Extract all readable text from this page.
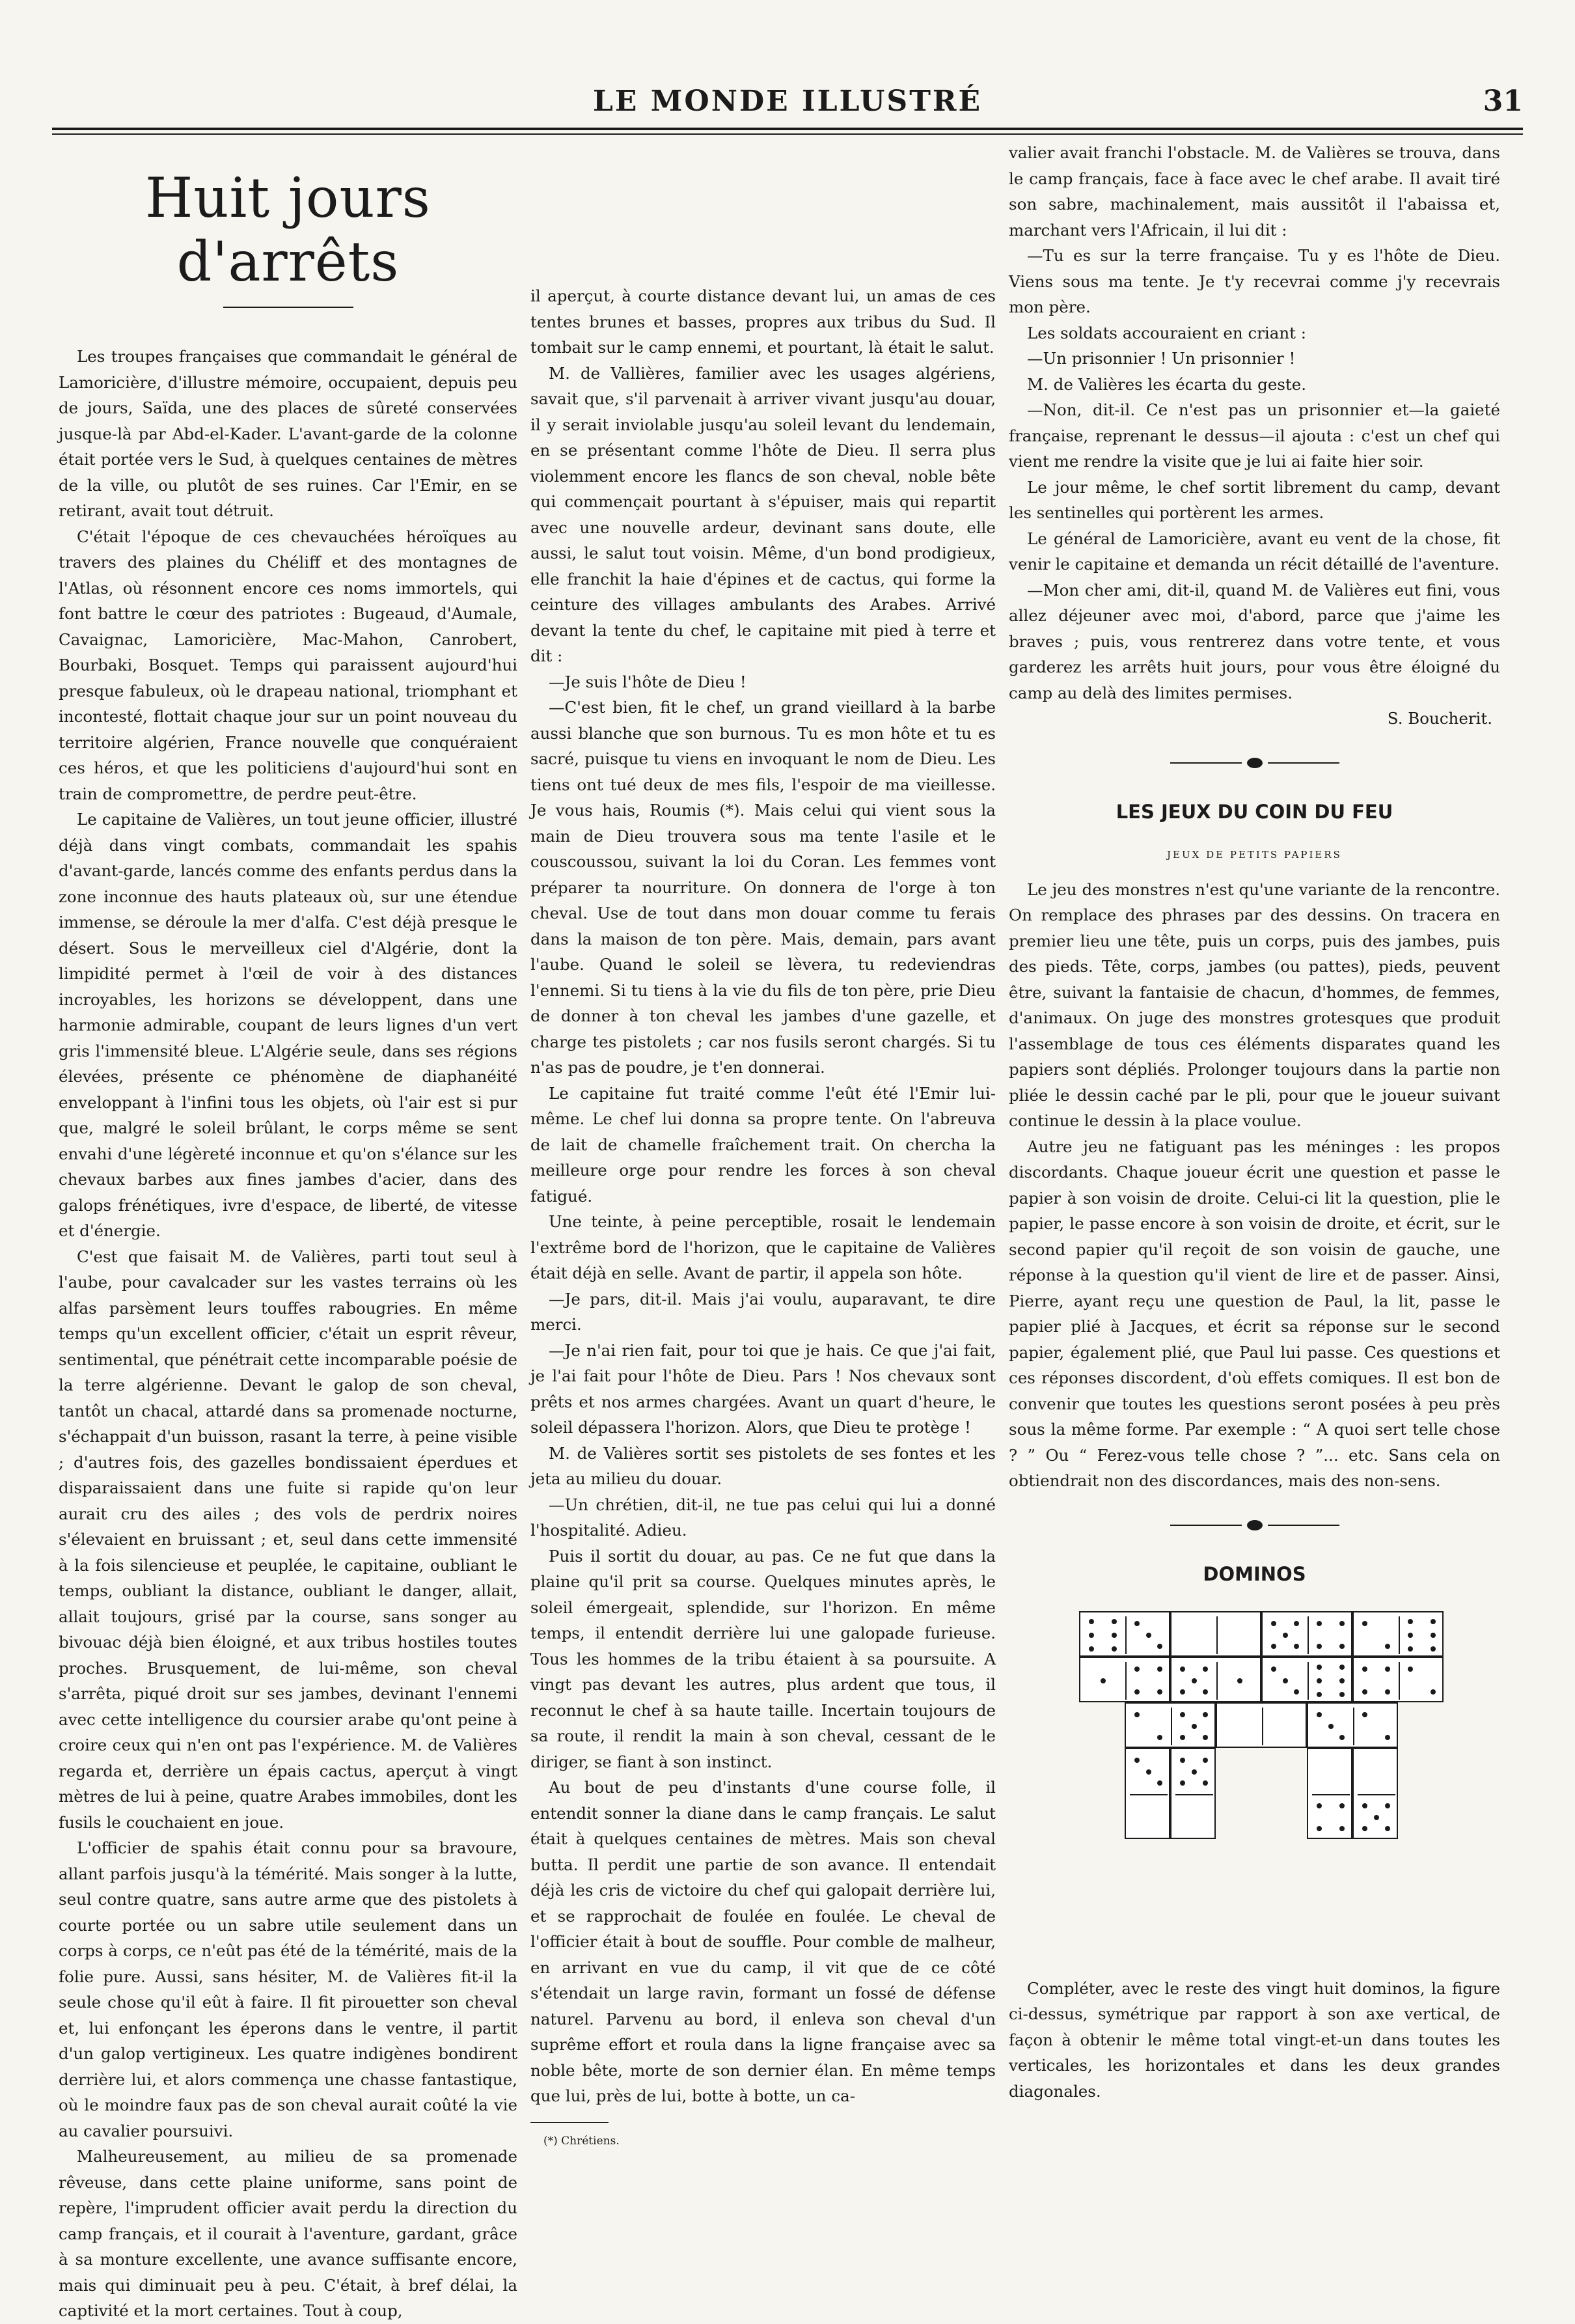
LE MONDE ILLUSTRÉ	31
Huit jours d'arrêts

Les troupes françaises que commandait le général de Lamoricière, d'illustre mémoire, occupaient, depuis peu de jours, Saïda, une des places de sûreté conservées jusque-là par Abd-el-Kader. L'avant-garde de la colonne était portée vers le Sud, à quelques centaines de mètres de la ville, ou plutôt de ses ruines. Car l'Emir, en se retirant, avait tout détruit.

C'était l'époque de ces chevauchées héroïques au travers des plaines du Chéliff et des montagnes de l'Atlas, où résonnent encore ces noms immortels, qui font battre le cœur des patriotes : Bugeaud, d'Aumale, Cavaignac, Lamoricière, Mac-Mahon, Canrobert, Bourbaki, Bosquet. Temps qui paraissent aujourd'hui presque fabuleux, où le drapeau national, triomphant et incontesté, flottait chaque jour sur un point nouveau du territoire algérien, France nouvelle que conquéraient ces héros, et que les politiciens d'aujourd'hui sont en train de compromettre, de perdre peut-être.

Le capitaine de Valières, un tout jeune officier, illustré déjà dans vingt combats, commandait les spahis d'avant-garde, lancés comme des enfants perdus dans la zone inconnue des hauts plateaux où, sur une étendue immense, se déroule la mer d'alfa. C'est déjà presque le désert. Sous le merveilleux ciel d'Algérie, dont la limpidité permet à l'œil de voir à des distances incroyables, les horizons se développent, dans une harmonie admirable, coupant de leurs lignes d'un vert gris l'immensité bleue. L'Algérie seule, dans ses régions élevées, présente ce phénomène de diaphanéité enveloppant à l'infini tous les objets, où l'air est si pur que, malgré le soleil brûlant, le corps même se sent envahi d'une légèreté inconnue et qu'on s'élance sur les chevaux barbes aux fines jambes d'acier, dans des galops frénétiques, ivre d'espace, de liberté, de vitesse et d'énergie.

C'est que faisait M. de Valières, parti tout seul à l'aube, pour cavalcader sur les vastes terrains où les alfas parsèment leurs touffes rabougries. En même temps qu'un excellent officier, c'était un esprit rêveur, sentimental, que pénétrait cette incomparable poésie de la terre algérienne. Devant le galop de son cheval, tantôt un chacal, attardé dans sa promenade nocturne, s'échappait d'un buisson, rasant la terre, à peine visible ; d'autres fois, des gazelles bondissaient éperdues et disparaissaient dans une fuite si rapide qu'on leur aurait cru des ailes ; des vols de perdrix noires s'élevaient en bruissant ; et, seul dans cette immensité à la fois silencieuse et peuplée, le capitaine, oubliant le temps, oubliant la distance, oubliant le danger, allait, allait toujours, grisé par la course, sans songer au bivouac déjà bien éloigné, et aux tribus hostiles toutes proches. Brusquement, de lui-même, son cheval s'arrêta, piqué droit sur ses jambes, devinant l'ennemi avec cette intelligence du coursier arabe qu'ont peine à croire ceux qui n'en ont pas l'expérience. M. de Valières regarda et, derrière un épais cactus, aperçut à vingt mètres de lui à peine, quatre Arabes immobiles, dont les fusils le couchaient en joue.

L'officier de spahis était connu pour sa bravoure, allant parfois jusqu'à la témérité. Mais songer à la lutte, seul contre quatre, sans autre arme que des pistolets à courte portée ou un sabre utile seulement dans un corps à corps, ce n'eût pas été de la témérité, mais de la folie pure. Aussi, sans hésiter, M. de Valières fit-il la seule chose qu'il eût à faire. Il fit pirouetter son cheval et, lui enfonçant les éperons dans le ventre, il partit d'un galop vertigineux. Les quatre indigènes bondirent derrière lui, et alors commença une chasse fantastique, où le moindre faux pas de son cheval aurait coûté la vie au cavalier poursuivi.

Malheureusement, au milieu de sa promenade rêveuse, dans cette plaine uniforme, sans point de repère, l'imprudent officier avait perdu la direction du camp français, et il courait à l'aventure, gardant, grâce à sa monture excellente, une avance suffisante encore, mais qui diminuait peu à peu. C'était, à bref délai, la captivité et la mort certaines. Tout à coup,

il aperçut, à courte distance devant lui, un amas de ces tentes brunes et basses, propres aux tribus du Sud. Il tombait sur le camp ennemi, et pourtant, là était le salut.

M. de Vallières, familier avec les usages algériens, savait que, s'il parvenait à arriver vivant jusqu'au douar, il y serait inviolable jusqu'au soleil levant du lendemain, en se présentant comme l'hôte de Dieu. Il serra plus violemment encore les flancs de son cheval, noble bête qui commençait pourtant à s'épuiser, mais qui repartit avec une nouvelle ardeur, devinant sans doute, elle aussi, le salut tout voisin. Même, d'un bond prodigieux, elle franchit la haie d'épines et de cactus, qui forme la ceinture des villages ambulants des Arabes. Arrivé devant la tente du chef, le capitaine mit pied à terre et dit :

—Je suis l'hôte de Dieu !

—C'est bien, fit le chef, un grand vieillard à la barbe aussi blanche que son burnous. Tu es mon hôte et tu es sacré, puisque tu viens en invoquant le nom de Dieu. Les tiens ont tué deux de mes fils, l'espoir de ma vieillesse. Je vous hais, Roumis (*). Mais celui qui vient sous la main de Dieu trouvera sous ma tente l'asile et le couscoussou, suivant la loi du Coran. Les femmes vont préparer ta nourriture. On donnera de l'orge à ton cheval. Use de tout dans mon douar comme tu ferais dans la maison de ton père. Mais, demain, pars avant l'aube. Quand le soleil se lèvera, tu redeviendras l'ennemi. Si tu tiens à la vie du fils de ton père, prie Dieu de donner à ton cheval les jambes d'une gazelle, et charge tes pistolets ; car nos fusils seront chargés. Si tu n'as pas de poudre, je t'en donnerai.

Le capitaine fut traité comme l'eût été l'Emir lui-même. Le chef lui donna sa propre tente. On l'abreuva de lait de chamelle fraîchement trait. On chercha la meilleure orge pour rendre les forces à son cheval fatigué.

Une teinte, à peine perceptible, rosait le lendemain l'extrême bord de l'horizon, que le capitaine de Valières était déjà en selle. Avant de partir, il appela son hôte.

—Je pars, dit-il. Mais j'ai voulu, auparavant, te dire merci.

—Je n'ai rien fait, pour toi que je hais. Ce que j'ai fait, je l'ai fait pour l'hôte de Dieu. Pars ! Nos chevaux sont prêts et nos armes chargées. Avant un quart d'heure, le soleil dépassera l'horizon. Alors, que Dieu te protège !

M. de Valières sortit ses pistolets de ses fontes et les jeta au milieu du douar.

—Un chrétien, dit-il, ne tue pas celui qui lui a donné l'hospitalité. Adieu.

Puis il sortit du douar, au pas. Ce ne fut que dans la plaine qu'il prit sa course. Quelques minutes après, le soleil émergeait, splendide, sur l'horizon. En même temps, il entendit derrière lui une galopade furieuse. Tous les hommes de la tribu étaient à sa poursuite. A vingt pas devant les autres, plus ardent que tous, il reconnut le chef à sa haute taille. Incertain toujours de sa route, il rendit la main à son cheval, cessant de le diriger, se fiant à son instinct.

Au bout de peu d'instants d'une course folle, il entendit sonner la diane dans le camp français. Le salut était à quelques centaines de mètres. Mais son cheval butta. Il perdit une partie de son avance. Il entendait déjà les cris de victoire du chef qui galopait derrière lui, et se rapprochait de foulée en foulée. Le cheval de l'officier était à bout de souffle. Pour comble de malheur, en arrivant en vue du camp, il vit que de ce côté s'étendait un large ravin, formant un fossé de défense naturel. Parvenu au bord, il enleva son cheval d'un suprême effort et roula dans la ligne française avec sa noble bête, morte de son dernier élan. En même temps que lui, près de lui, botte à botte, un ca-

(*) Chrétiens.

valier avait franchi l'obstacle. M. de Valières se trouva, dans le camp français, face à face avec le chef arabe. Il avait tiré son sabre, machinalement, mais aussitôt il l'abaissa et, marchant vers l'Africain, il lui dit :

—Tu es sur la terre française. Tu y es l'hôte de Dieu. Viens sous ma tente. Je t'y recevrai comme j'y recevrais mon père.

Les soldats accouraient en criant :

—Un prisonnier ! Un prisonnier !

M. de Valières les écarta du geste.

—Non, dit-il. Ce n'est pas un prisonnier et—la gaieté française, reprenant le dessus—il ajouta : c'est un chef qui vient me rendre la visite que je lui ai faite hier soir.

Le jour même, le chef sortit librement du camp, devant les sentinelles qui portèrent les armes.

Le général de Lamoricière, avant eu vent de la chose, fit venir le capitaine et demanda un récit détaillé de l'aventure.

—Mon cher ami, dit-il, quand M. de Valières eut fini, vous allez déjeuner avec moi, d'abord, parce que j'aime les braves ; puis, vous rentrerez dans votre tente, et vous garderez les arrêts huit jours, pour vous être éloigné du camp au delà des limites permises.

S. Boucherit.

LES JEUX DU COIN DU FEU
JEUX DE PETITS PAPIERS

Le jeu des monstres n'est qu'une variante de la rencontre. On remplace des phrases par des dessins. On tracera en premier lieu une tête, puis un corps, puis des jambes, puis des pieds. Tête, corps, jambes (ou pattes), pieds, peuvent être, suivant la fantaisie de chacun, d'hommes, de femmes, d'animaux. On juge des monstres grotesques que produit l'assemblage de tous ces éléments disparates quand les papiers sont dépliés. Prolonger toujours dans la partie non pliée le dessin caché par le pli, pour que le joueur suivant continue le dessin à la place voulue.

Autre jeu ne fatiguant pas les méninges : les propos discordants. Chaque joueur écrit une question et passe le papier à son voisin de droite. Celui-ci lit la question, plie le papier, le passe encore à son voisin de droite, et écrit, sur le second papier qu'il reçoit de son voisin de gauche, une réponse à la question qu'il vient de lire et de passer. Ainsi, Pierre, ayant reçu une question de Paul, la lit, passe le papier plié à Jacques, et écrit sa réponse sur le second papier, également plié, que Paul lui passe. Ces questions et ces réponses discordent, d'où effets comiques. Il est bon de convenir que toutes les questions seront posées à peu près sous la même forme. Par exemple : “ A quoi sert telle chose ? ” Ou “ Ferez-vous telle chose ? ”... etc. Sans cela on obtiendrait non des discordances, mais des non-sens.

DOMINOS

Compléter, avec le reste des vingt huit dominos, la figure ci-dessus, symétrique par rapport à son axe vertical, de façon à obtenir le même total vingt-et-un dans toutes les verticales, les horizontales et dans les deux grandes diagonales.
